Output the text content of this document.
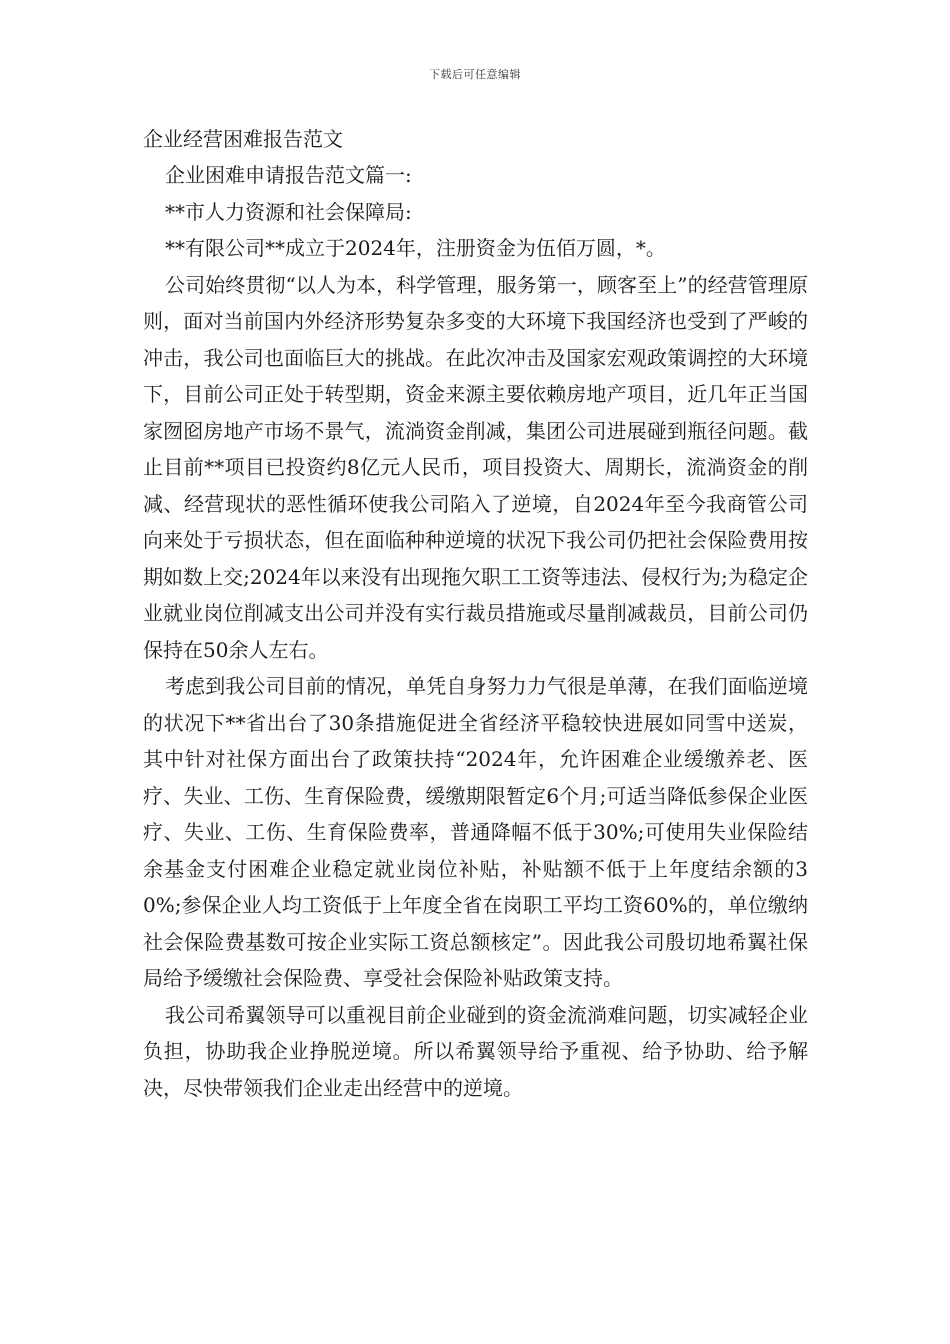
下载后可任意编辑
企业经营困难报告范文

企业困难申请报告范文篇一:

**市人力资源和社会保障局:

**有限公司**成立于2024年，注册资金为伍佰万圆，*。

公司始终贯彻“以人为本，科学管理，服务第一，顾客至上”的经营管理原则，面对当前国内外经济形势复杂多变的大环境下我国经济也受到了严峻的冲击，我公司也面临巨大的挑战。在此次冲击及国家宏观政策调控的大环境下，目前公司正处于转型期，资金来源主要依赖房地产项目，近几年正当国家囫囵房地产市场不景气，流淌资金削减，集团公司进展碰到瓶径问题。截止目前**项目已投资约8亿元人民币，项目投资大、周期长，流淌资金的削减、经营现状的恶性循环使我公司陷入了逆境，自2024年至今我商管公司向来处于亏损状态，但在面临种种逆境的状况下我公司仍把社会保险费用按期如数上交;2024年以来没有出现拖欠职工工资等违法、侵权行为;为稳定企业就业岗位削减支出公司并没有实行裁员措施或尽量削减裁员，目前公司仍保持在50余人左右。

考虑到我公司目前的情况，单凭自身努力力气很是单薄，在我们面临逆境的状况下**省出台了30条措施促进全省经济平稳较快进展如同雪中送炭，其中针对社保方面出台了政策扶持“2024年，允许困难企业缓缴养老、医疗、失业、工伤、生育保险费，缓缴期限暂定6个月;可适当降低参保企业医疗、失业、工伤、生育保险费率，普通降幅不低于30%;可使用失业保险结余基金支付困难企业稳定就业岗位补贴，补贴额不低于上年度结余额的30%;参保企业人均工资低于上年度全省在岗职工平均工资60%的，单位缴纳社会保险费基数可按企业实际工资总额核定”。因此我公司殷切地希翼社保局给予缓缴社会保险费、享受社会保险补贴政策支持。

我公司希翼领导可以重视目前企业碰到的资金流淌难问题，切实减轻企业负担，协助我企业挣脱逆境。所以希翼领导给予重视、给予协助、给予解决，尽快带领我们企业走出经营中的逆境。
